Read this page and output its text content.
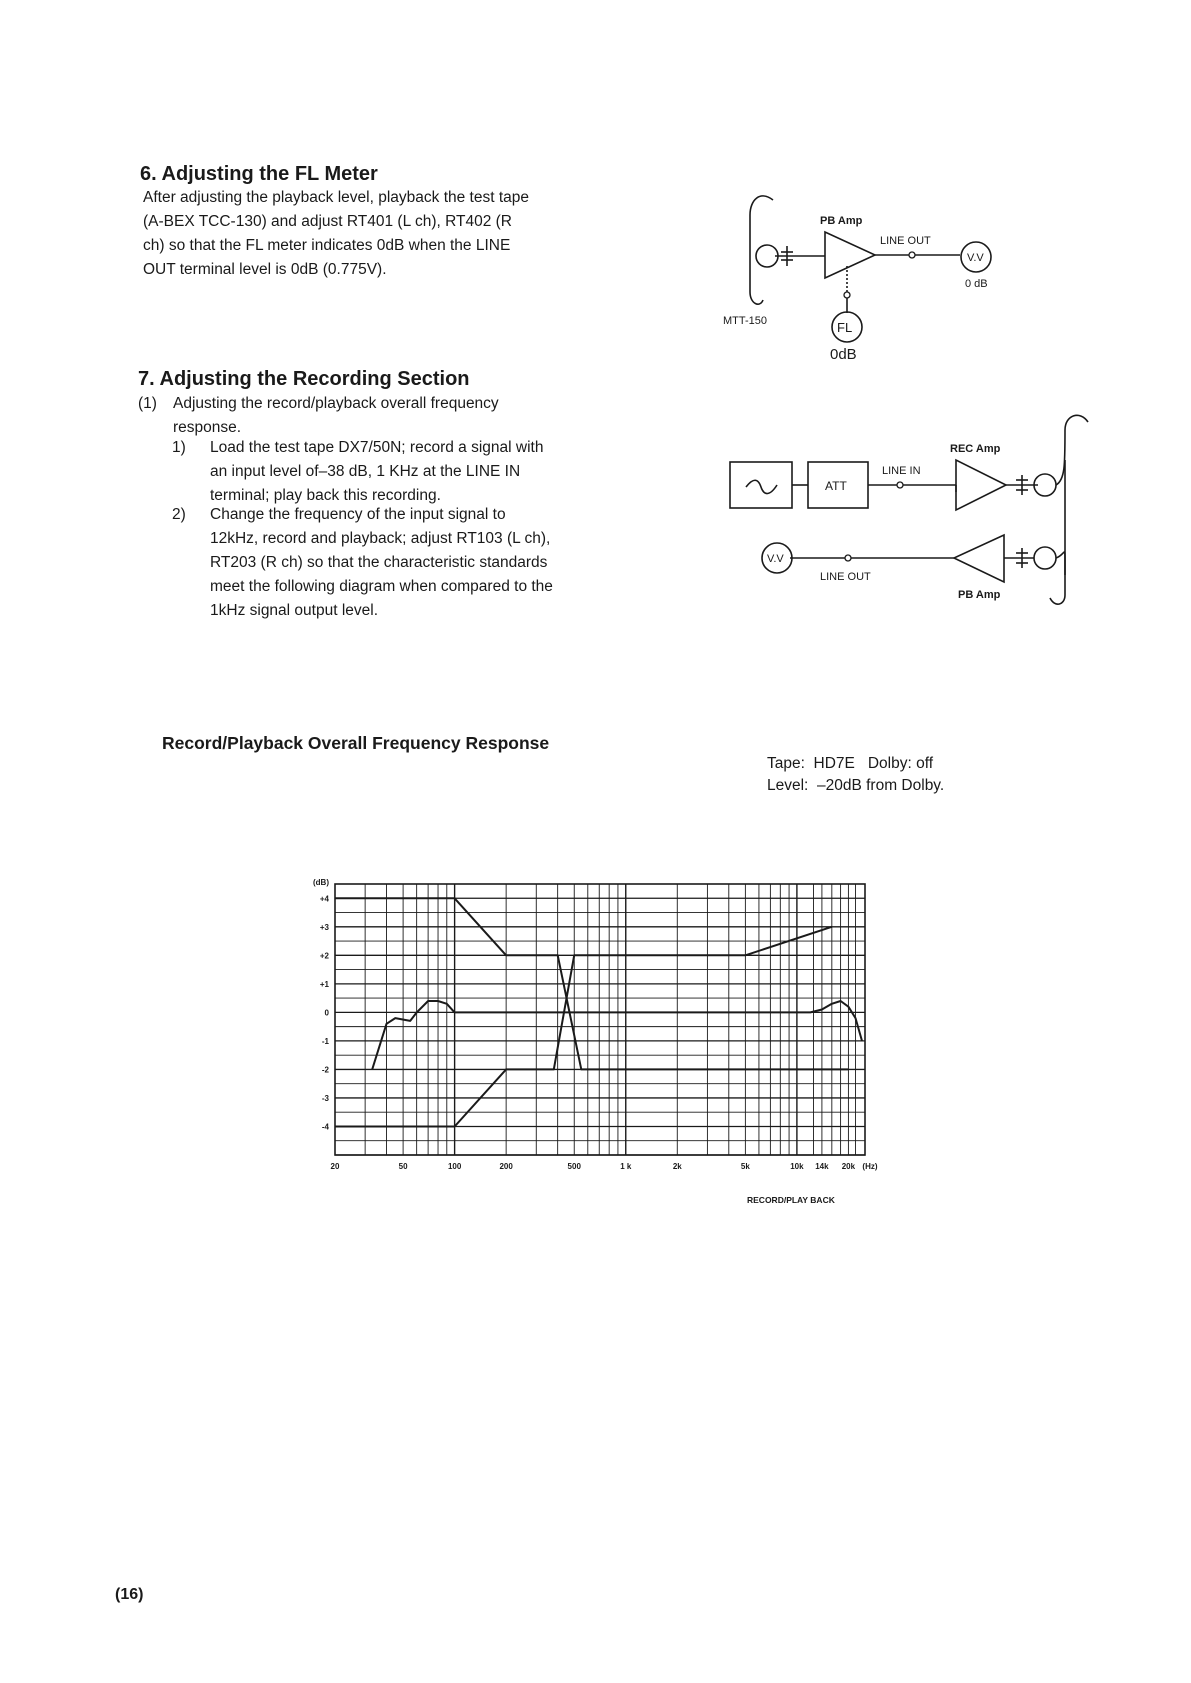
6. Adjusting the FL Meter
After adjusting the playback level, playback the test tape
(A-BEX TCC-130) and adjust RT401 (L ch), RT402 (R
ch) so that the FL meter indicates 0dB when the LINE
OUT terminal level is 0dB (0.775V).
PB Amp
LINE OUT
V.V
0 dB
FL
0dB
MTT-150
7. Adjusting the Recording Section
(1) Adjusting the record/playback overall frequency
response.
1) Load the test tape DX7/50N; record a signal with
an input level of–38 dB, 1 KHz at the LINE IN
terminal; play back this recording.
2) Change the frequency of the input signal to
12kHz, record and playback; adjust RT103 (L ch),
RT203 (R ch) so that the characteristic standards
meet the following diagram when compared to the
1kHz signal output level.
ATT
LINE IN
REC Amp
PB Amp
LINE OUT
V.V
Record/Playback Overall Frequency Response
Tape: HD7E Dolby: off
Level: –20dB from Dolby.
+4
+3
+2
+1
0
-1
-2
-3
-4
(dB)
20	50	100	200	500	1 k	2k	5k	10k 14k 20k (Hz)
RECORD/PLAY BACK
(16)
